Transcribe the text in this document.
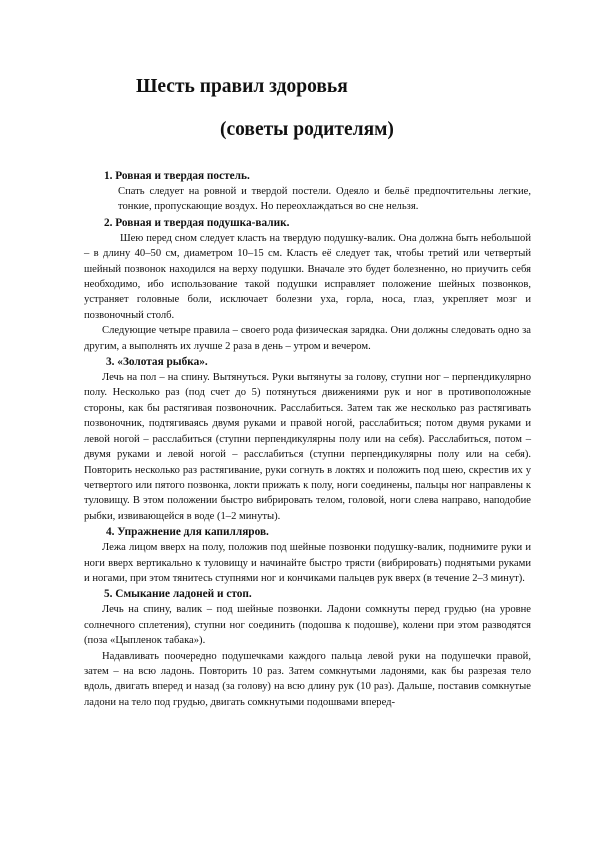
Шесть правил здоровья
(советы родителям)
1. Ровная и твердая постель.

Спать следует на ровной и твердой постели. Одеяло и бельё предпочтительны легкие, тонкие, пропускающие воздух. Но переохлаждаться во сне нельзя.

2. Ровная и твердая подушка-валик.

Шею перед сном следует класть на твердую подушку-валик. Она должна быть небольшой – в длину 40–50 см, диаметром 10–15 см. Класть её следует так, чтобы третий или четвертый шейный позвонок находился на верху подушки. Вначале это будет болезненно, но приучить себя необходимо, ибо использование такой подушки исправляет положение шейных позвонков, устраняет головные боли, исключает болезни уха, горла, носа, глаз, укрепляет мозг и позвоночный столб.

Следующие четыре правила – своего рода физическая зарядка. Они должны следовать одно за другим, а выполнять их лучше 2 раза в день – утром и вечером.

3. «Золотая рыбка».

Лечь на пол – на спину. Вытянуться. Руки вытянуты за голову, ступни ног – перпендикулярно полу. Несколько раз (под счет до 5) потянуться движениями рук и ног в противоположные стороны, как бы растягивая позвоночник. Расслабиться. Затем так же несколько раз растягивать позвоночник, подтягиваясь двумя руками и правой ногой, расслабиться; потом двумя руками и левой ногой – расслабиться (ступни перпендикулярны полу или на себя). Расслабиться, потом – двумя руками и левой ногой – расслабиться (ступни перпендикулярны полу или на себя). Повторить несколько раз растягивание, руки согнуть в локтях и положить под шею, скрестив их у четвертого или пятого позвонка, локти прижать к полу, ноги соединены, пальцы ног направлены к туловищу. В этом положении быстро вибрировать телом, головой, ноги слева направо, наподобие рыбки, извивающейся в воде (1–2 минуты).

4. Упражнение для капилляров.

Лежа лицом вверх на полу, положив под шейные позвонки подушку-валик, поднимите руки и ноги вверх вертикально к туловищу и начинайте быстро трясти (вибрировать) поднятыми руками и ногами, при этом тянитесь ступнями ног и кончиками пальцев рук вверх (в течение 2–3 минут).

5. Смыкание ладоней и стоп.

Лечь на спину, валик – под шейные позвонки. Ладони сомкнуты перед грудью (на уровне солнечного сплетения), ступни ног соединить (подошва к подошве), колени при этом разводятся (поза «Цыпленок табака»).

Надавливать поочередно подушечками каждого пальца левой руки на подушечки правой, затем – на всю ладонь. Повторить 10 раз. Затем сомкнутыми ладонями, как бы разрезая тело вдоль, двигать вперед и назад (за голову) на всю длину рук (10 раз). Дальше, поставив сомкнутые ладони на тело под грудью, двигать сомкнутыми подошвами вперед-
